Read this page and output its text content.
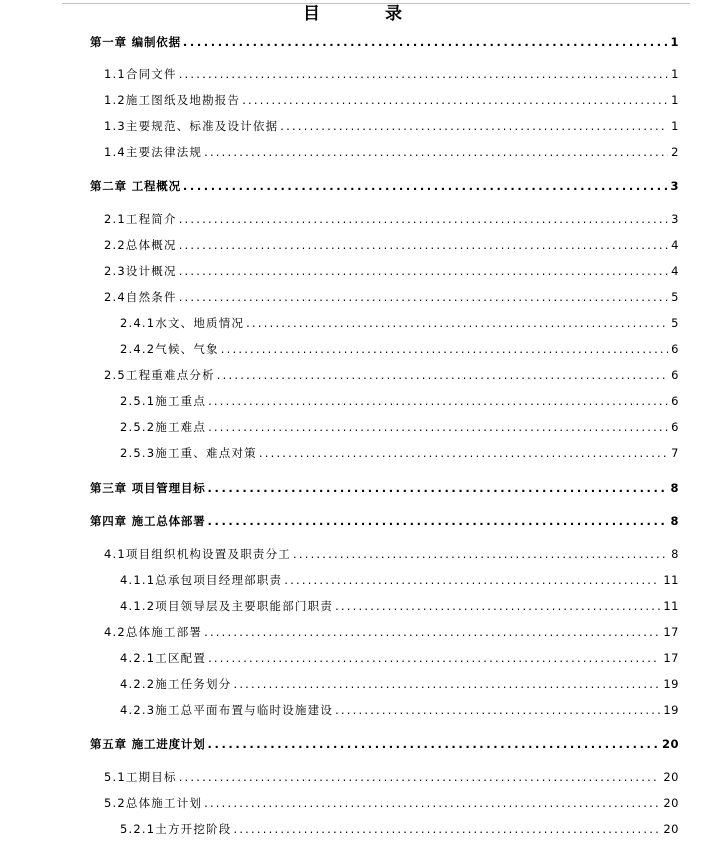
目　录
第一章 编制依据 .....	1
1.1合同文件 .....	1
1.2施工图纸及地勘报告 .....	1
1.3主要规范、标准及设计依据 .....	1
1.4主要法律法规 .....	2
第二章 工程概况 .....	3
2.1工程简介 .....	3
2.2总体概况 .....	4
2.3设计概况 .....	4
2.4自然条件 .....	5
2.4.1水文、地质情况 .....	5
2.4.2气候、气象 .....	6
2.5工程重难点分析 .....	6
2.5.1施工重点 .....	6
2.5.2施工难点 .....	6
2.5.3施工重、难点对策 .....	7
第三章 项目管理目标 .....	8
第四章 施工总体部署 .....	8
4.1项目组织机构设置及职责分工 .....	8
4.1.1总承包项目经理部职责 .....	11
4.1.2项目领导层及主要职能部门职责 .....	11
4.2总体施工部署 .....	17
4.2.1工区配置 .....	17
4.2.2施工任务划分 .....	19
4.2.3施工总平面布置与临时设施建设 .....	19
第五章 施工进度计划 .....	20
5.1工期目标 .....	20
5.2总体施工计划 .....	20
5.2.1土方开挖阶段 .....	20
